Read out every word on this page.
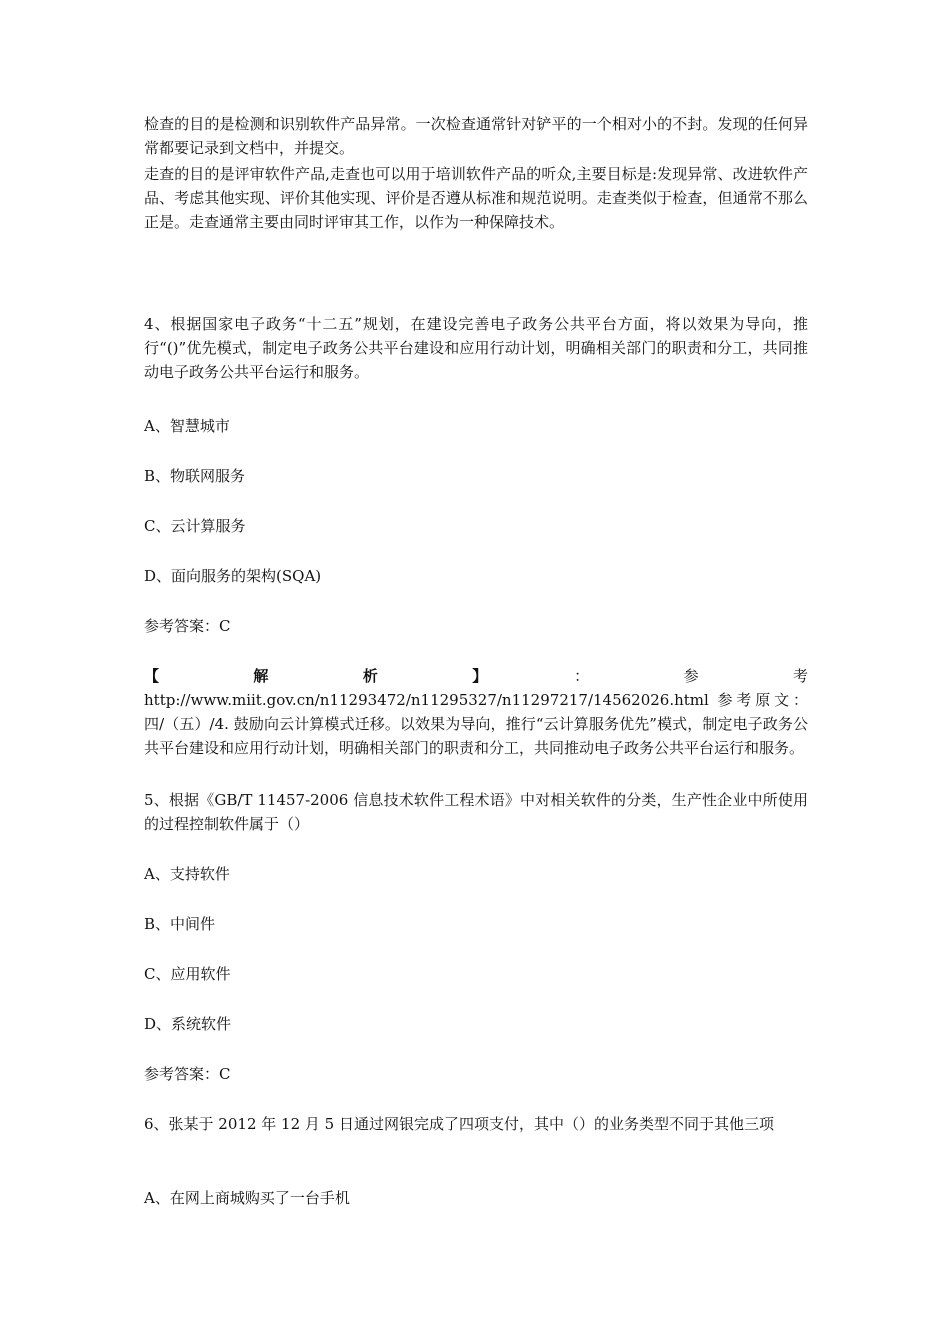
检查的目的是检测和识别软件产品异常。一次检查通常针对铲平的一个相对小的不封。发现的任何异常都要记录到文档中，并提交。

走查的目的是评审软件产品,走查也可以用于培训软件产品的听众,主要目标是:发现异常、改进软件产品、考虑其他实现、评价其他实现、评价是否遵从标准和规范说明。走查类似于检查，但通常不那么正是。走查通常主要由同时评审其工作，以作为一种保障技术。

4、根据国家电子政务“十二五”规划，在建设完善电子政务公共平台方面，将以效果为导向，推行“()”优先模式，制定电子政务公共平台建设和应用行动计划，明确相关部门的职责和分工，共同推动电子政务公共平台运行和服务。

A、智慧城市

B、物联网服务

C、云计算服务

D、面向服务的架构(SQA)

参考答案：C

【解析】：参考 http://www.miit.gov.cn/n11293472/n11295327/n11297217/14562026.html 参考原文：四/（五）/4. 鼓励向云计算模式迁移。以效果为导向，推行“云计算服务优先”模式，制定电子政务公共平台建设和应用行动计划，明确相关部门的职责和分工，共同推动电子政务公共平台运行和服务。

5、根据《GB/T 11457-2006 信息技术软件工程术语》中对相关软件的分类，生产性企业中所使用的过程控制软件属于（）

A、支持软件

B、中间件

C、应用软件

D、系统软件

参考答案：C

6、张某于 2012 年 12 月 5 日通过网银完成了四项支付，其中（）的业务类型不同于其他三项

A、在网上商城购买了一台手机
